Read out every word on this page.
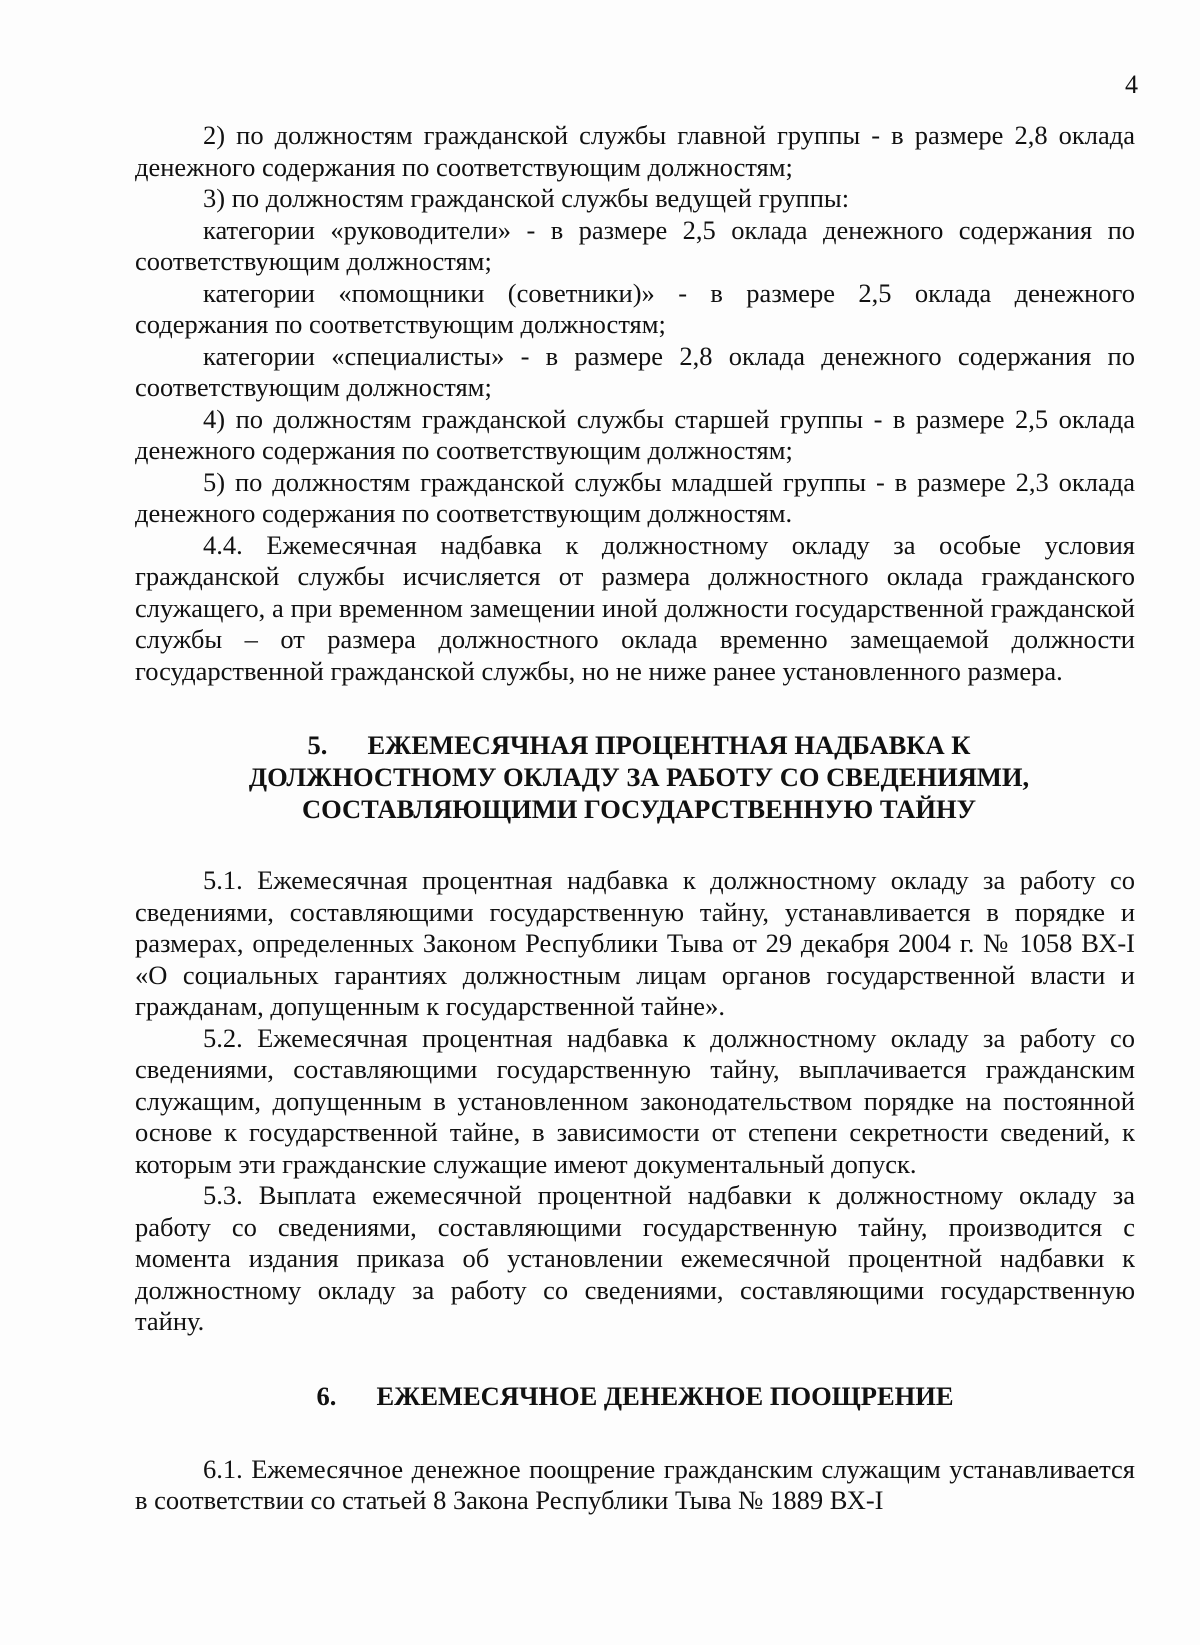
4

2) по должностям гражданской службы главной группы - в размере 2,8 оклада денежного содержания по соответствующим должностям;

3) по должностям гражданской службы ведущей группы:

категории «руководители» - в размере 2,5 оклада денежного содержания по соответствующим должностям;

категории «помощники (советники)» - в размере 2,5 оклада денежного содержания по соответствующим должностям;

категории «специалисты» - в размере 2,8 оклада денежного содержания по соответствующим должностям;

4) по должностям гражданской службы старшей группы - в размере 2,5 оклада денежного содержания по соответствующим должностям;

5) по должностям гражданской службы младшей группы - в размере 2,3 оклада денежного содержания по соответствующим должностям.

4.4. Ежемесячная надбавка к должностному окладу за особые условия гражданской службы исчисляется от размера должностного оклада гражданского служащего, а при временном замещении иной должности государственной гражданской службы – от размера должностного оклада временно замещаемой должности государственной гражданской службы, но не ниже ранее установленного размера.

5. ЕЖЕМЕСЯЧНАЯ ПРОЦЕНТНАЯ НАДБАВКА К
ДОЛЖНОСТНОМУ ОКЛАДУ ЗА РАБОТУ СО СВЕДЕНИЯМИ,
СОСТАВЛЯЮЩИМИ ГОСУДАРСТВЕННУЮ ТАЙНУ

5.1. Ежемесячная процентная надбавка к должностному окладу за работу со сведениями, составляющими государственную тайну, устанавливается в порядке и размерах, определенных Законом Республики Тыва от 29 декабря 2004 г. № 1058 ВХ-I «О социальных гарантиях должностным лицам органов государственной власти и гражданам, допущенным к государственной тайне».

5.2. Ежемесячная процентная надбавка к должностному окладу за работу со сведениями, составляющими государственную тайну, выплачивается гражданским служащим, допущенным в установленном законодательством порядке на постоянной основе к государственной тайне, в зависимости от степени секретности сведений, к которым эти гражданские служащие имеют документальный допуск.

5.3. Выплата ежемесячной процентной надбавки к должностному окладу за работу со сведениями, составляющими государственную тайну, производится с момента издания приказа об установлении ежемесячной процентной надбавки к должностному окладу за работу со сведениями, составляющими государственную тайну.

6. ЕЖЕМЕСЯЧНОЕ ДЕНЕЖНОЕ ПООЩРЕНИЕ

6.1. Ежемесячное денежное поощрение гражданским служащим устанавливается в соответствии со статьей 8 Закона Республики Тыва № 1889 ВХ-I
